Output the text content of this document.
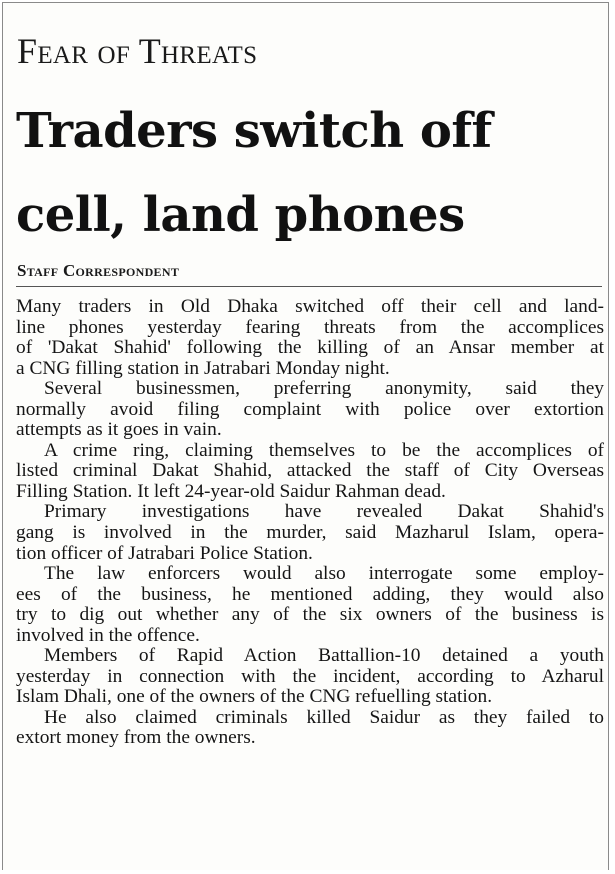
Fear of Threats
Traders switch off
cell, land phones
Staff Correspondent

Many traders in Old Dhaka switched off their cell and land-
line phones yesterday fearing threats from the accomplices
of 'Dakat Shahid' following the killing of an Ansar member at
a CNG filling station in Jatrabari Monday night.

Several businessmen, preferring anonymity, said they
normally avoid filing complaint with police over extortion
attempts as it goes in vain.

A crime ring, claiming themselves to be the accomplices of
listed criminal Dakat Shahid, attacked the staff of City Overseas
Filling Station. It left 24-year-old Saidur Rahman dead.

Primary investigations have revealed Dakat Shahid's
gang is involved in the murder, said Mazharul Islam, opera-
tion officer of Jatrabari Police Station.

The law enforcers would also interrogate some employ-
ees of the business, he mentioned adding, they would also
try to dig out whether any of the six owners of the business is
involved in the offence.

Members of Rapid Action Battallion-10 detained a youth
yesterday in connection with the incident, according to Azharul
Islam Dhali, one of the owners of the CNG refuelling station.

He also claimed criminals killed Saidur as they failed to
extort money from the owners.
